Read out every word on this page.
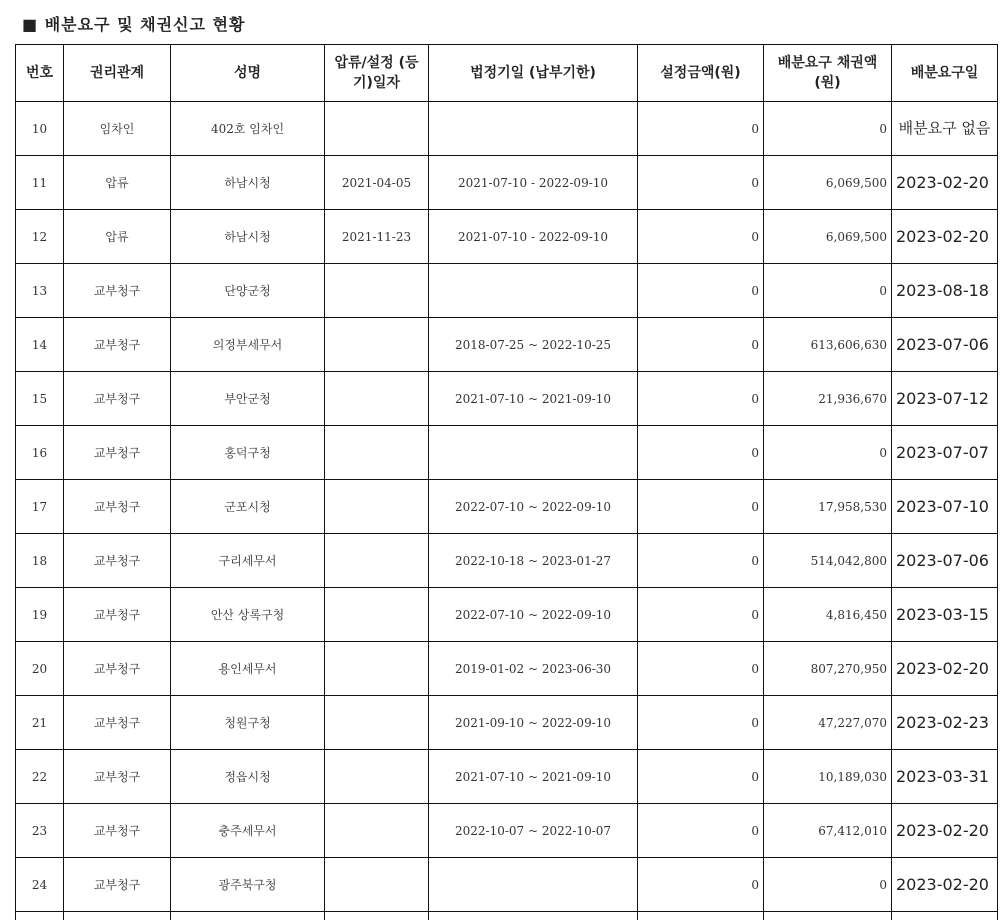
■ 배분요구 및 채권신고 현황
번호	권리관계	성명	압류/설정 (등기)일자	법정기일 (납부기한)	설정금액(원)	배분요구 채권액(원)	배분요구일
10	임차인	402호 임차인			0	0	배분요구 없음
11	압류	하남시청	2021-04-05	2021-07-10 - 2022-09-10	0	6,069,500	2023-02-20
12	압류	하남시청	2021-11-23	2021-07-10 - 2022-09-10	0	6,069,500	2023-02-20
13	교부청구	단양군청			0	0	2023-08-18
14	교부청구	의정부세무서		2018-07-25 ~ 2022-10-25	0	613,606,630	2023-07-06
15	교부청구	부안군청		2021-07-10 ~ 2021-09-10	0	21,936,670	2023-07-12
16	교부청구	홍덕구청			0	0	2023-07-07
17	교부청구	군포시청		2022-07-10 ~ 2022-09-10	0	17,958,530	2023-07-10
18	교부청구	구리세무서		2022-10-18 ~ 2023-01-27	0	514,042,800	2023-07-06
19	교부청구	안산 상록구청		2022-07-10 ~ 2022-09-10	0	4,816,450	2023-03-15
20	교부청구	용인세무서		2019-01-02 ~ 2023-06-30	0	807,270,950	2023-02-20
21	교부청구	청원구청		2021-09-10 ~ 2022-09-10	0	47,227,070	2023-02-23
22	교부청구	정읍시청		2021-07-10 ~ 2021-09-10	0	10,189,030	2023-03-31
23	교부청구	충주세무서		2022-10-07 ~ 2022-10-07	0	67,412,010	2023-02-20
24	교부청구	광주북구청			0	0	2023-02-20
